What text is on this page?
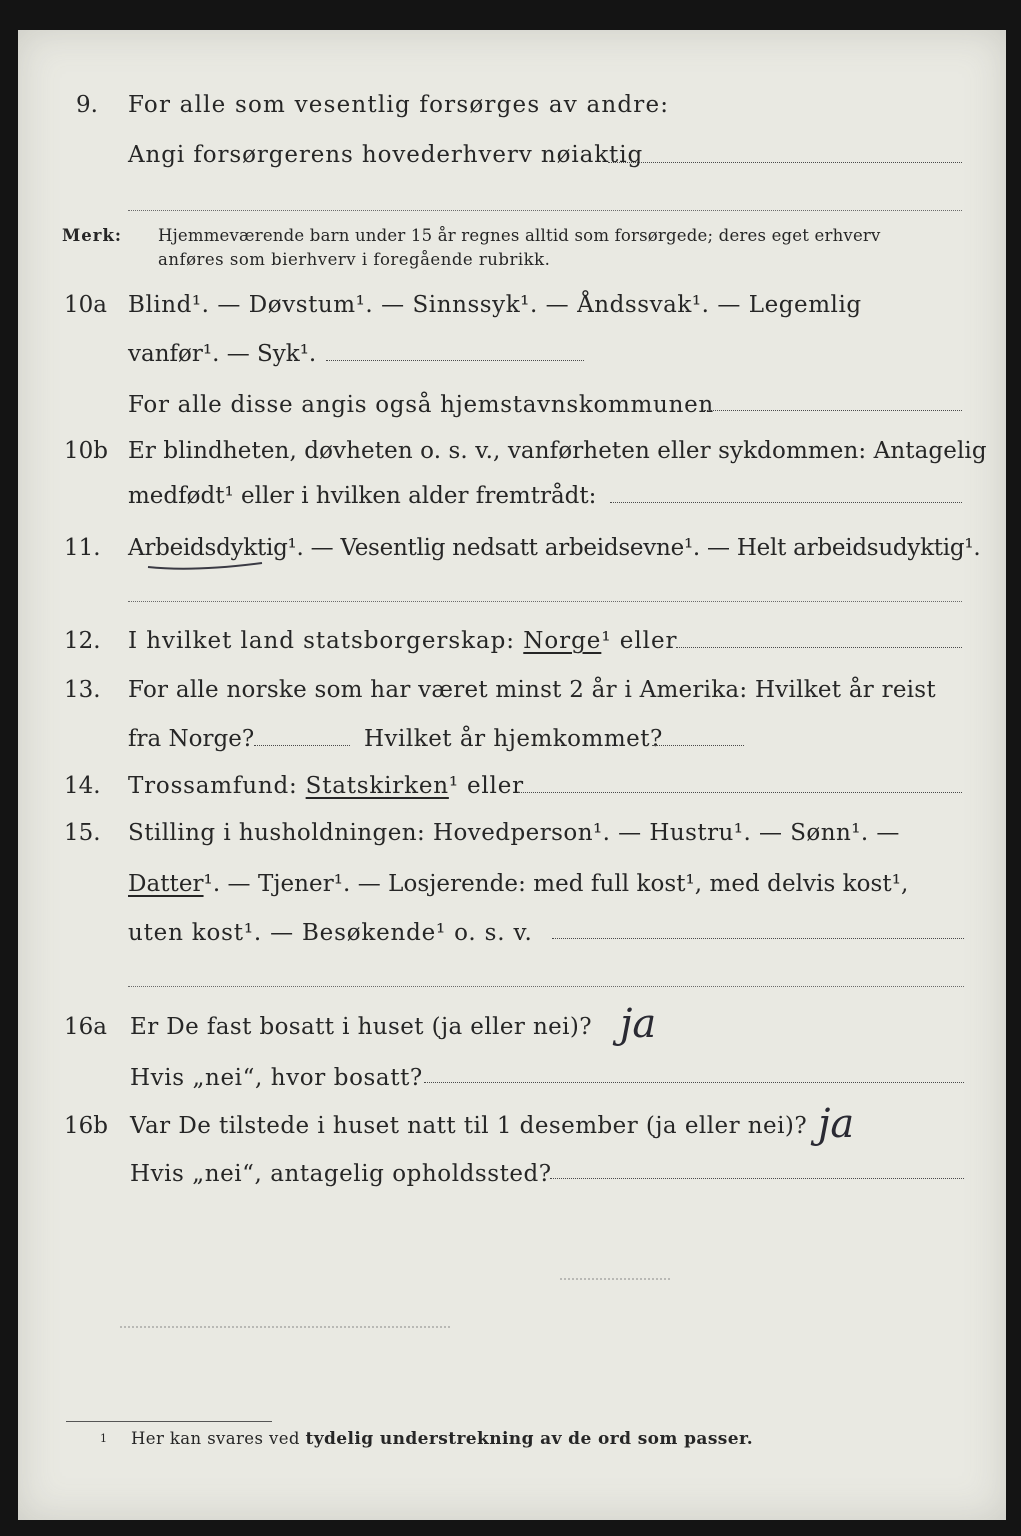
9. For alle som vesentlig forsørges av andre:
Angi forsørgerens hovederhverv nøiaktig
Merk: Hjemmeværende barn under 15 år regnes alltid som forsørgede; deres eget erhverv
anføres som bierhverv i foregående rubrikk.
10a Blind¹. — Døvstum¹. — Sinnssyk¹. — Åndssvak¹. — Legemlig
vanfør¹. — Syk¹.
For alle disse angis også hjemstavnskommunen
10b Er blindheten, døvheten o. s. v., vanførheten eller sykdommen: Antagelig
medfødt¹ eller i hvilken alder fremtrådt:
11. Arbeidsdyktig¹. — Vesentlig nedsatt arbeidsevne¹. — Helt arbeidsudyktig¹.
12. I hvilket land statsborgerskap: Norge¹ eller
13. For alle norske som har været minst 2 år i Amerika: Hvilket år reist
fra Norge?	Hvilket år hjemkommet?
14. Trossamfund: Statskirken¹ eller
15. Stilling i husholdningen: Hovedperson¹. — Hustru¹. — Sønn¹. —
Datter¹. — Tjener¹. — Losjerende: med full kost¹, med delvis kost¹,
uten kost¹. — Besøkende¹ o. s. v.
16a Er De fast bosatt i huset (ja eller nei)? ja
Hvis „nei“, hvor bosatt?
16b Var De tilstede i huset natt til 1 desember (ja eller nei)? ja
Hvis „nei“, antagelig opholdssted?
1 Her kan svares ved tydelig understrekning av de ord som passer.
